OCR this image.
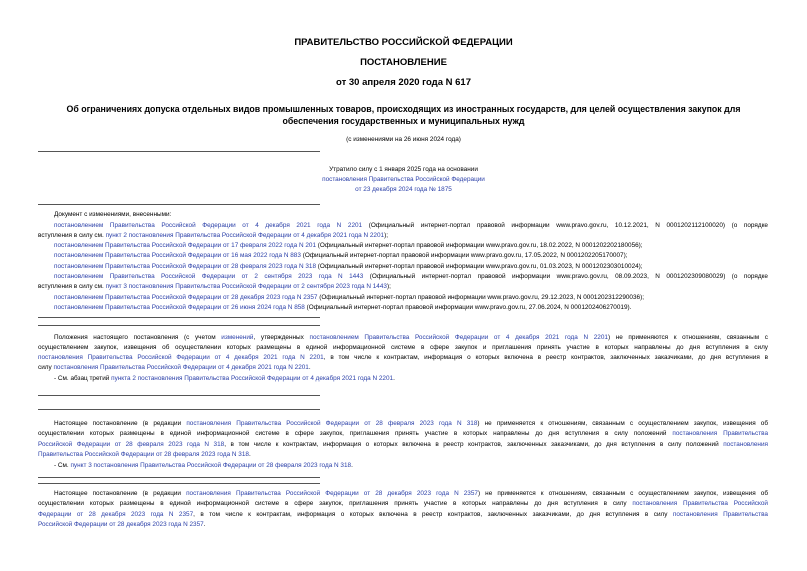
ПРАВИТЕЛЬСТВО РОССИЙСКОЙ ФЕДЕРАЦИИ
ПОСТАНОВЛЕНИЕ
от 30 апреля 2020 года N 617
Об ограничениях допуска отдельных видов промышленных товаров, происходящих из иностранных государств, для целей осуществления закупок для
обеспечения государственных и муниципальных нужд
(с изменениями на 26 июня 2024 года)
Утратило силу с 1 января 2025 года на основании
постановления Правительства Российской Федерации
от 23 декабря 2024 года № 1875
Документ с изменениями, внесенными:
постановлением Правительства Российской Федерации от 4 декабря 2021 года N 2201 (Официальный интернет-портал правовой информации www.pravo.gov.ru, 10.12.2021, N 0001202112100020) (о порядке
вступления в силу см. пункт 2 постановления Правительства Российской Федерации от 4 декабря 2021 года N 2201);
постановлением Правительства Российской Федерации от 17 февраля 2022 года N 201 (Официальный интернет-портал правовой информации www.pravo.gov.ru, 18.02.2022, N 0001202202180056);
постановлением Правительства Российской Федерации от 16 мая 2022 года N 883 (Официальный интернет-портал правовой информации www.pravo.gov.ru, 17.05.2022, N 0001202205170007);
постановлением Правительства Российской Федерации от 28 февраля 2023 года N 318 (Официальный интернет-портал правовой информации www.pravo.gov.ru, 01.03.2023, N 0001202303010024);
постановлением Правительства Российской Федерации от 2 сентября 2023 года N 1443 (Официальный интернет-портал правовой информации www.pravo.gov.ru, 08.09.2023, N 0001202309080029) (о порядке
вступления в силу см. пункт 3 постановления Правительства Российской Федерации от 2 сентября 2023 года N 1443);
постановлением Правительства Российской Федерации от 28 декабря 2023 года N 2357 (Официальный интернет-портал правовой информации www.pravo.gov.ru, 29.12.2023, N 0001202312290036);
постановлением Правительства Российской Федерации от 26 июня 2024 года N 858 (Официальный интернет-портал правовой информации www.pravo.gov.ru, 27.06.2024, N 0001202406270019).
Положения настоящего постановления (с учетом изменений, утвержденных постановлением Правительства Российской Федерации от 4 декабря 2021 года N 2201) не применяются к отношениям, связанным с
осуществлением закупок, извещения об осуществлении которых размещены в единой информационной системе в сфере закупок и приглашения принять участие в которых направлены до дня вступления в силу
постановления Правительства Российской Федерации от 4 декабря 2021 года N 2201, в том числе к контрактам, информация о которых включена в реестр контрактов, заключенных заказчиками, до дня вступления в
силу постановления Правительства Российской Федерации от 4 декабря 2021 года N 2201.
- См. абзац третий пункта 2 постановления Правительства Российской Федерации от 4 декабря 2021 года N 2201.
Настоящее постановление (в редакции постановления Правительства Российской Федерации от 28 февраля 2023 года N 318) не применяется к отношениям, связанным с осуществлением закупок, извещения об
осуществлении которых размещены в единой информационной системе в сфере закупок, приглашения принять участие в которых направлены до дня вступления в силу положений постановления Правительства
Российской Федерации от 28 февраля 2023 года N 318, в том числе к контрактам, информация о которых включена в реестр контрактов, заключенных заказчиками, до дня вступления в силу положений постановления
Правительства Российской Федерации от 28 февраля 2023 года N 318.
- См. пункт 3 постановления Правительства Российской Федерации от 28 февраля 2023 года N 318.
Настоящее постановление (в редакции постановления Правительства Российской Федерации от 28 декабря 2023 года N 2357) не применяется к отношениям, связанным с осуществлением закупок, извещения об
осуществлении которых размещены в единой информационной системе в сфере закупок, приглашения принять участие в которых направлены до дня вступления в силу постановления Правительства Российской
Федерации от 28 декабря 2023 года N 2357, в том числе к контрактам, информация о которых включена в реестр контрактов, заключенных заказчиками, до дня вступления в силу постановления Правительства
Российской Федерации от 28 декабря 2023 года N 2357.
